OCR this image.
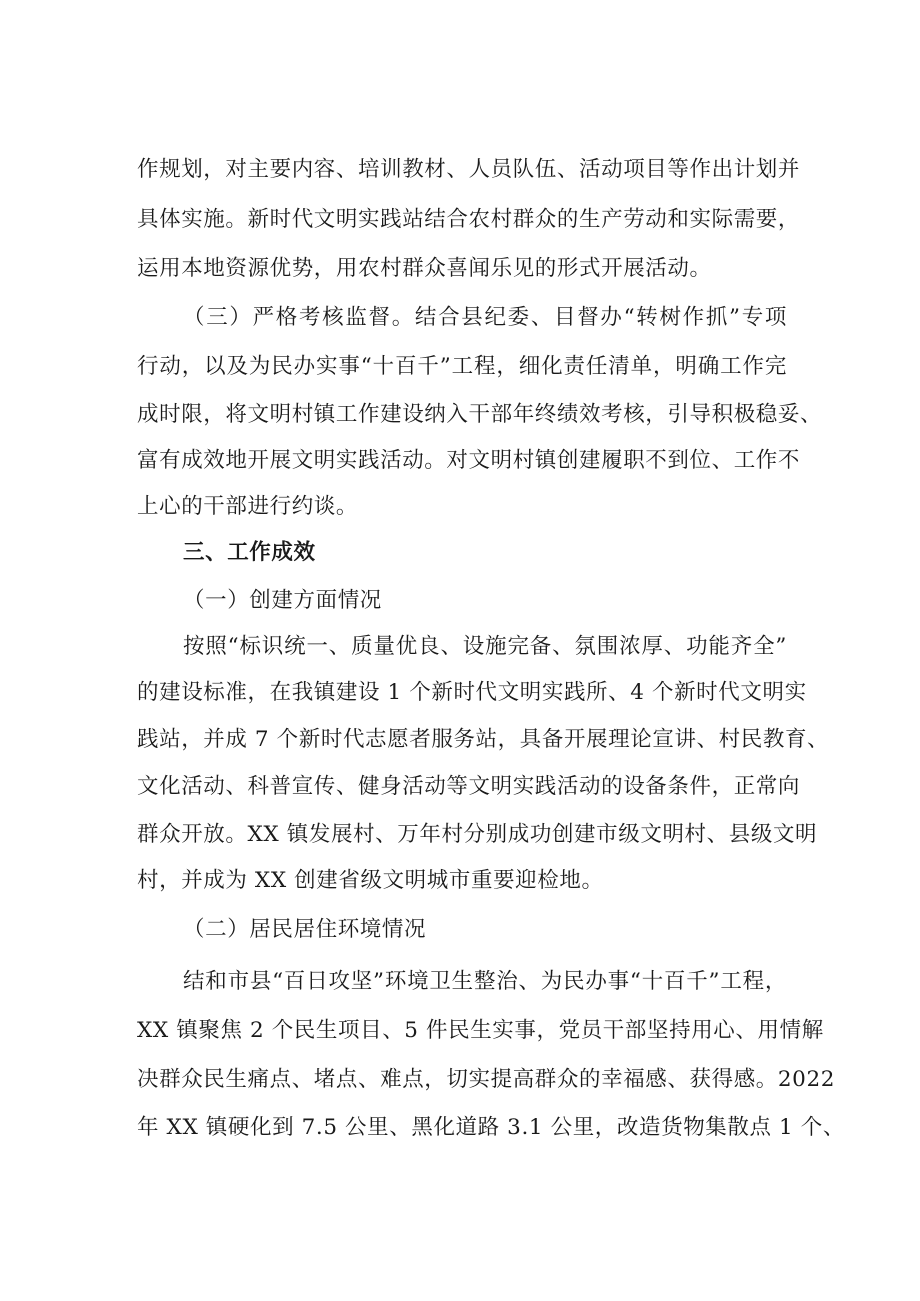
作规划，对主要内容、培训教材、人员队伍、活动项目等作出计划并
具体实施。新时代文明实践站结合农村群众的生产劳动和实际需要，
运用本地资源优势，用农村群众喜闻乐见的形式开展活动。
（三）严格考核监督。结合县纪委、目督办“转树作抓”专项
行动，以及为民办实事“十百千”工程，细化责任清单，明确工作完
成时限，将文明村镇工作建设纳入干部年终绩效考核，引导积极稳妥、
富有成效地开展文明实践活动。对文明村镇创建履职不到位、工作不
上心的干部进行约谈。
三、工作成效
（一）创建方面情况
按照“标识统一、质量优良、设施完备、氛围浓厚、功能齐全”
的建设标准，在我镇建设 1 个新时代文明实践所、4 个新时代文明实
践站，并成 7 个新时代志愿者服务站，具备开展理论宣讲、村民教育、
文化活动、科普宣传、健身活动等文明实践活动的设备条件，正常向
群众开放。XX 镇发展村、万年村分别成功创建市级文明村、县级文明
村，并成为 XX 创建省级文明城市重要迎检地。
（二）居民居住环境情况
结和市县“百日攻坚”环境卫生整治、为民办事“十百千”工程，
XX 镇聚焦 2 个民生项目、5 件民生实事，党员干部坚持用心、用情解
决群众民生痛点、堵点、难点，切实提高群众的幸福感、获得感。2022
年 XX 镇硬化到 7.5 公里、黑化道路 3.1 公里，改造货物集散点 1 个、
